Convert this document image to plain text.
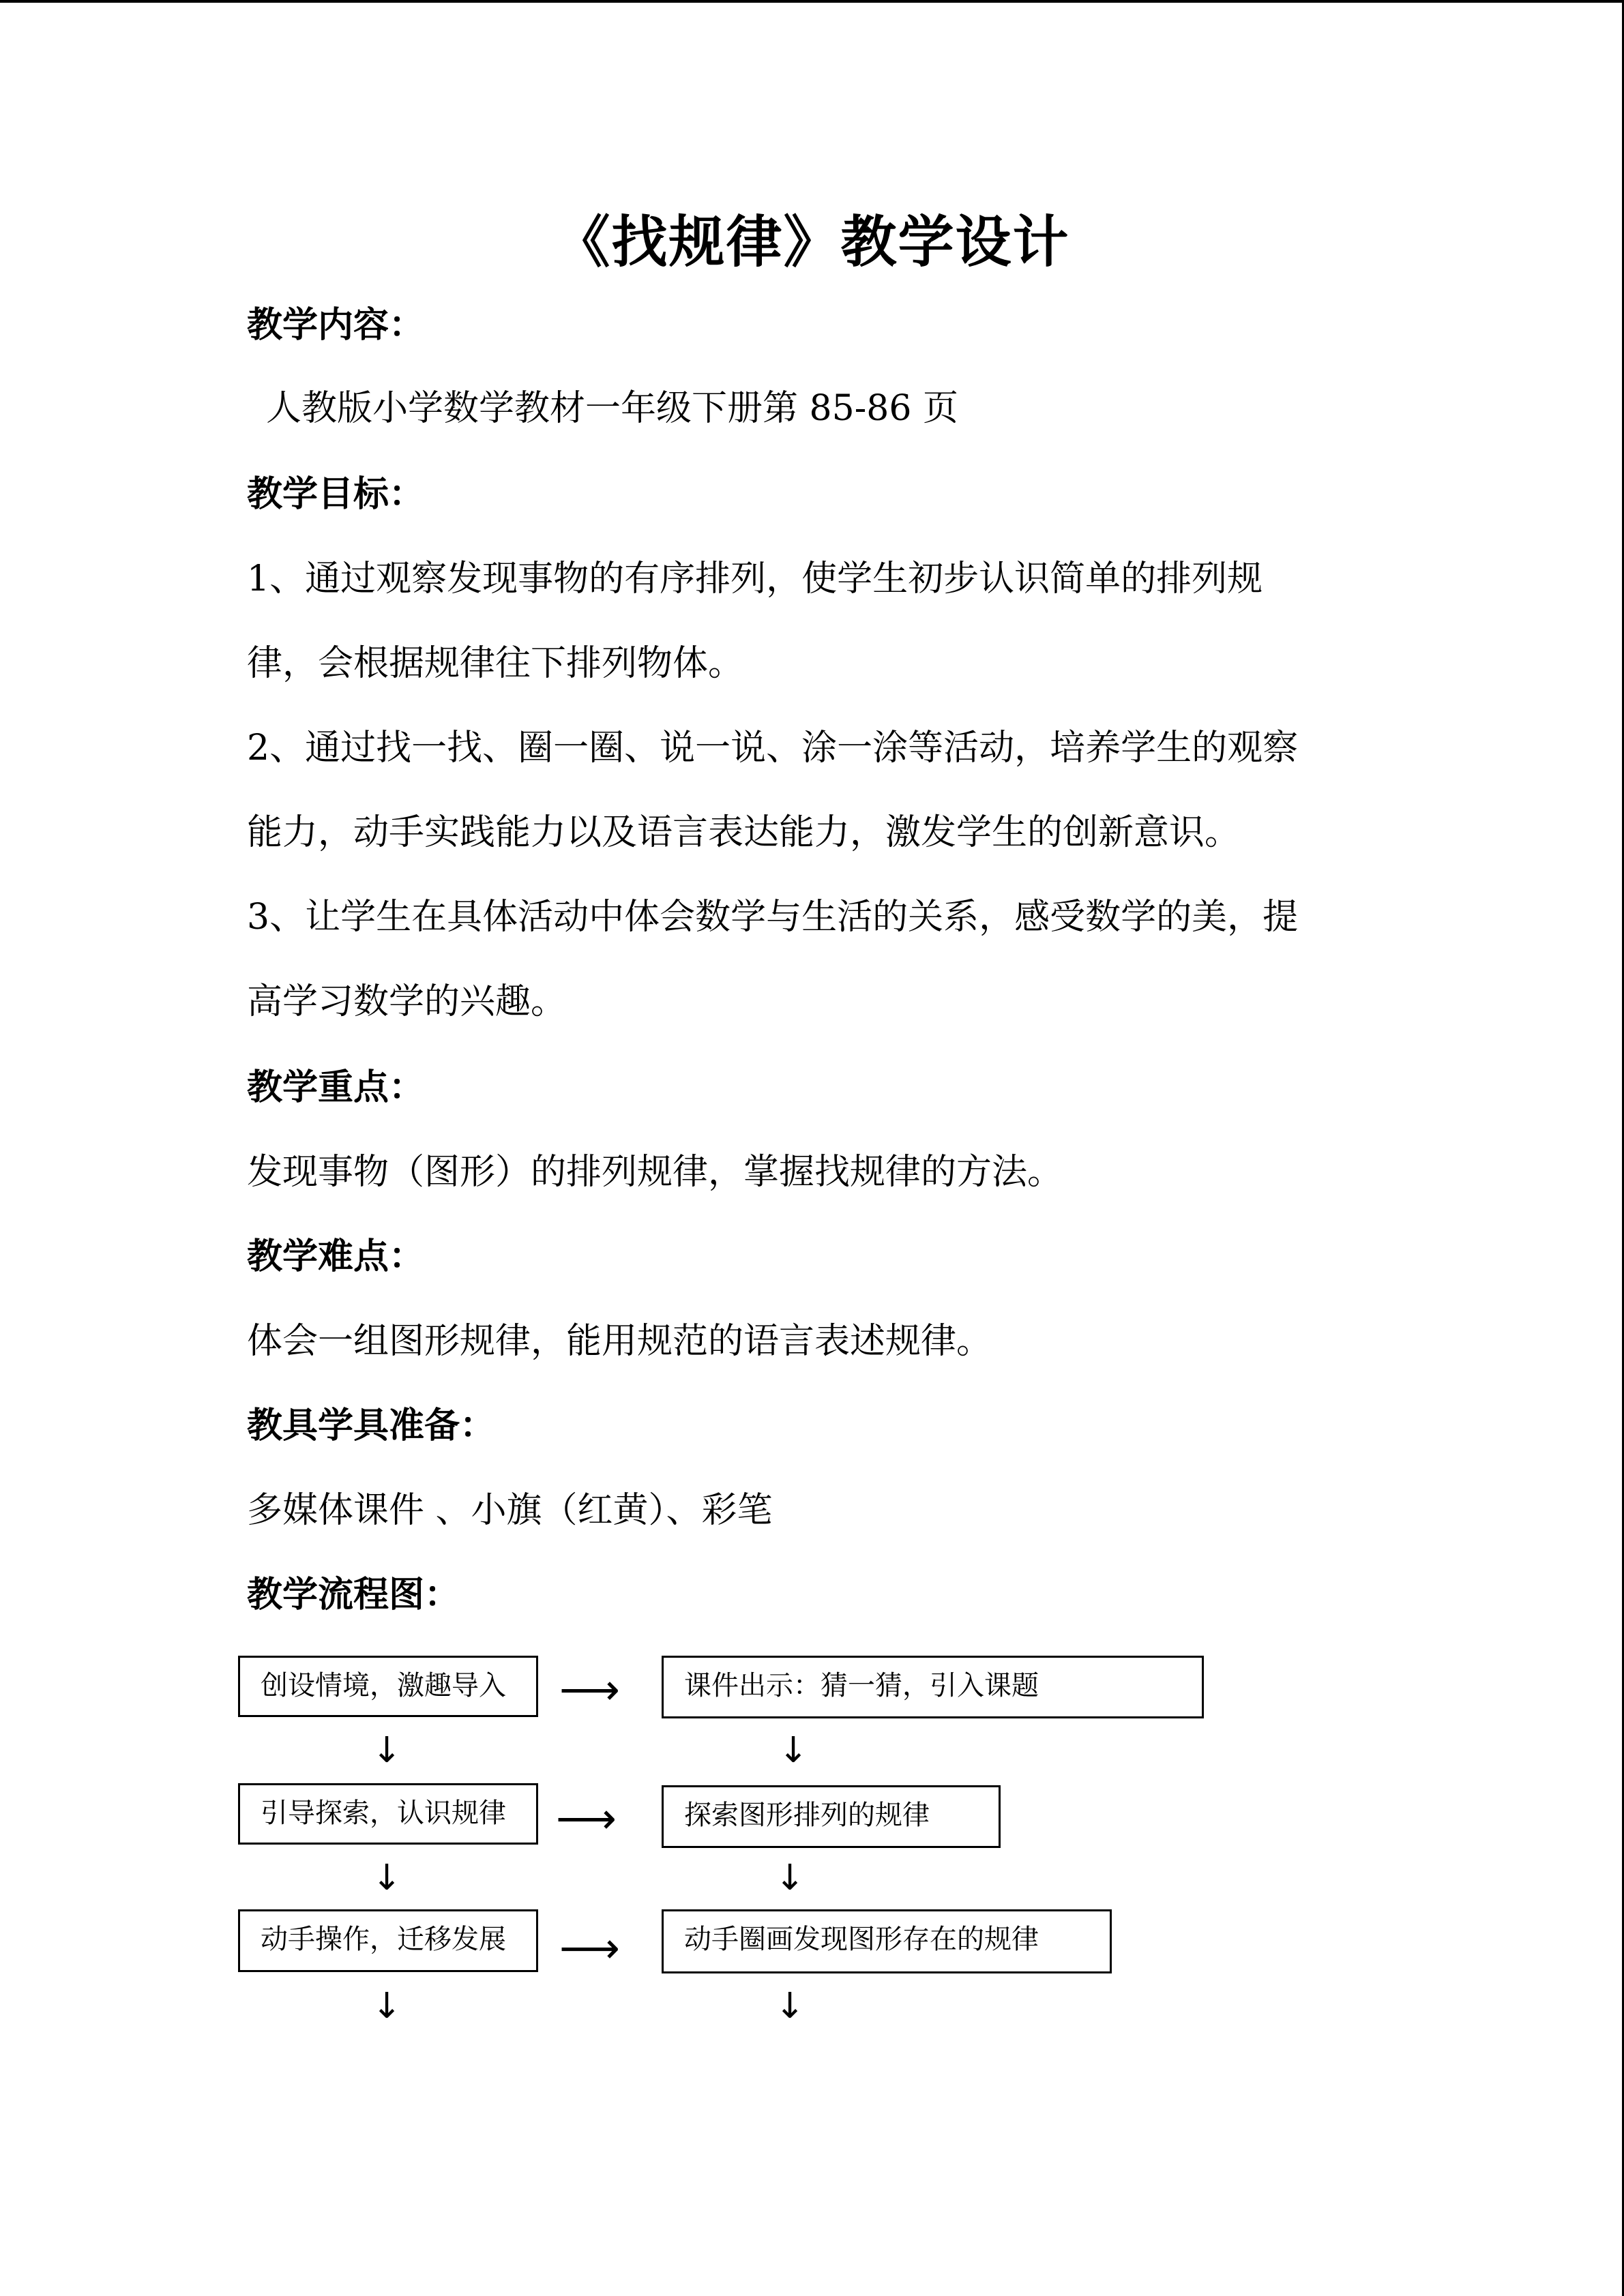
《找规律》教学设计
教学内容：
人教版小学数学教材一年级下册第 85-86 页
教学目标：
1、通过观察发现事物的有序排列，使学生初步认识简单的排列规
律，会根据规律往下排列物体。
2、通过找一找、圈一圈、说一说、涂一涂等活动，培养学生的观察
能力，动手实践能力以及语言表达能力，激发学生的创新意识。
3、让学生在具体活动中体会数学与生活的关系，感受数学的美，提
高学习数学的兴趣。
教学重点：
发现事物（图形）的排列规律，掌握找规律的方法。
教学难点：
体会一组图形规律，能用规范的语言表述规律。
教具学具准备：
多媒体课件 、小旗（红黄）、彩笔
教学流程图：
创设情境，激趣导入	⟶	课件出示：猜一猜，引入课题
↓	↓
引导探索，认识规律	⟶	探索图形排列的规律
↓	↓
动手操作，迁移发展	⟶	动手圈画发现图形存在的规律
↓	↓
